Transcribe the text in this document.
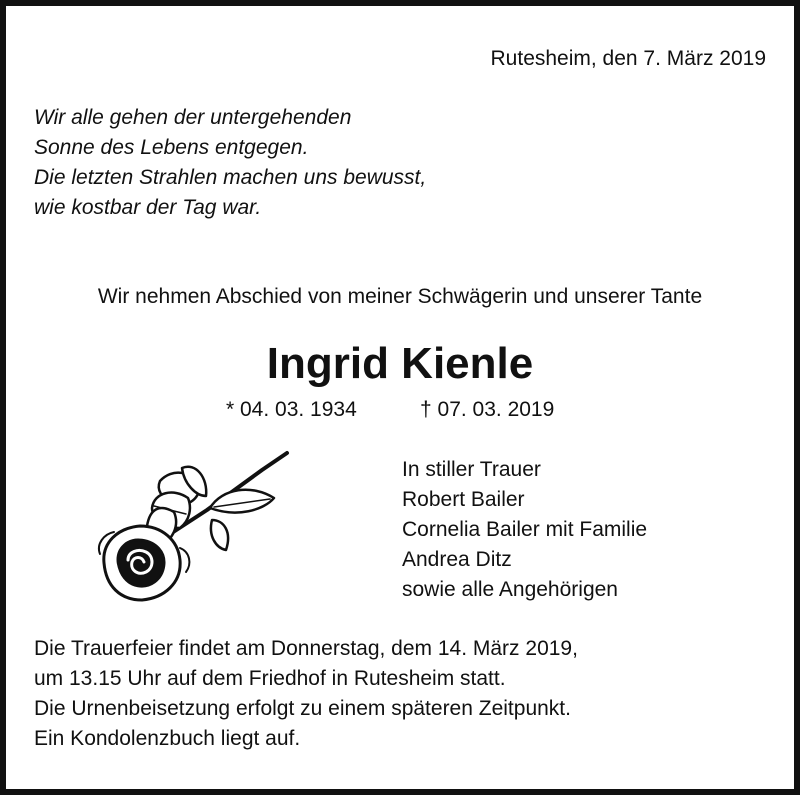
Rutesheim, den 7. März 2019
Wir alle gehen der untergehenden
Sonne des Lebens entgegen.
Die letzten Strahlen machen uns bewusst,
wie kostbar der Tag war.
Wir nehmen Abschied von meiner Schwägerin und unserer Tante
Ingrid Kienle
* 04. 03. 1934	† 07. 03. 2019
In stiller Trauer
Robert Bailer
Cornelia Bailer mit Familie
Andrea Ditz
sowie alle Angehörigen
Die Trauerfeier findet am Donnerstag, dem 14. März 2019,
um 13.15 Uhr auf dem Friedhof in Rutesheim statt.
Die Urnenbeisetzung erfolgt zu einem späteren Zeitpunkt.
Ein Kondolenzbuch liegt auf.
